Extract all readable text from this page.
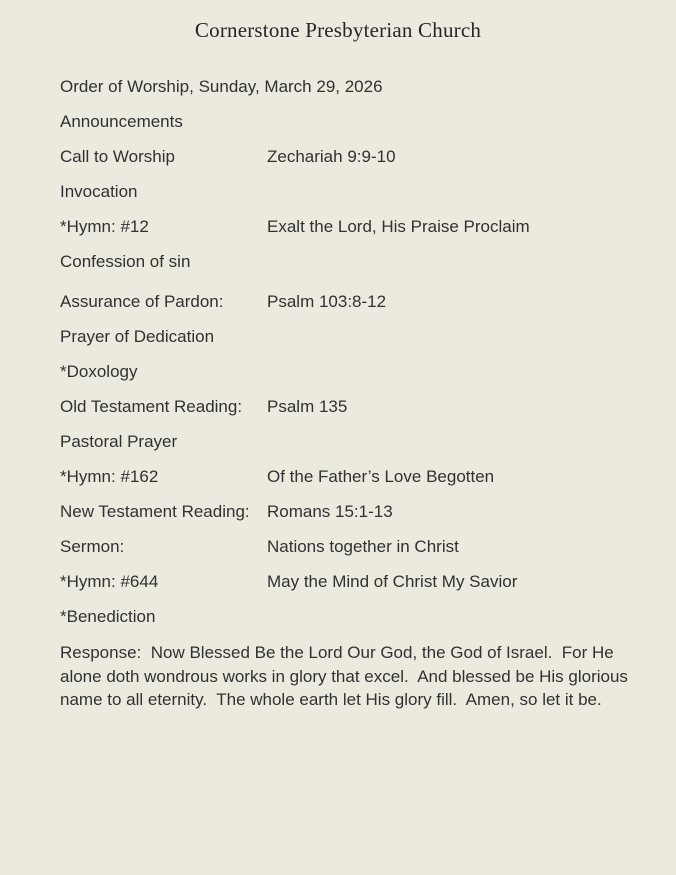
Cornerstone Presbyterian Church
Order of Worship, Sunday, March 29, 2026
Announcements
Call to Worship	Zechariah 9:9-10
Invocation
*Hymn: #12	Exalt the Lord, His Praise Proclaim
Confession of sin
Assurance of Pardon:	Psalm 103:8-12
Prayer of Dedication
*Doxology
Old Testament Reading:	Psalm 135
Pastoral Prayer
*Hymn: #162	Of the Father’s Love Begotten
New Testament Reading:	Romans 15:1-13
Sermon:	Nations together in Christ
*Hymn: #644	May the Mind of Christ My Savior
*Benediction
Response:  Now Blessed Be the Lord Our God, the God of Israel.  For He alone doth wondrous works in glory that excel.  And blessed be His glorious name to all eternity.  The whole earth let His glory fill.  Amen, so let it be.
